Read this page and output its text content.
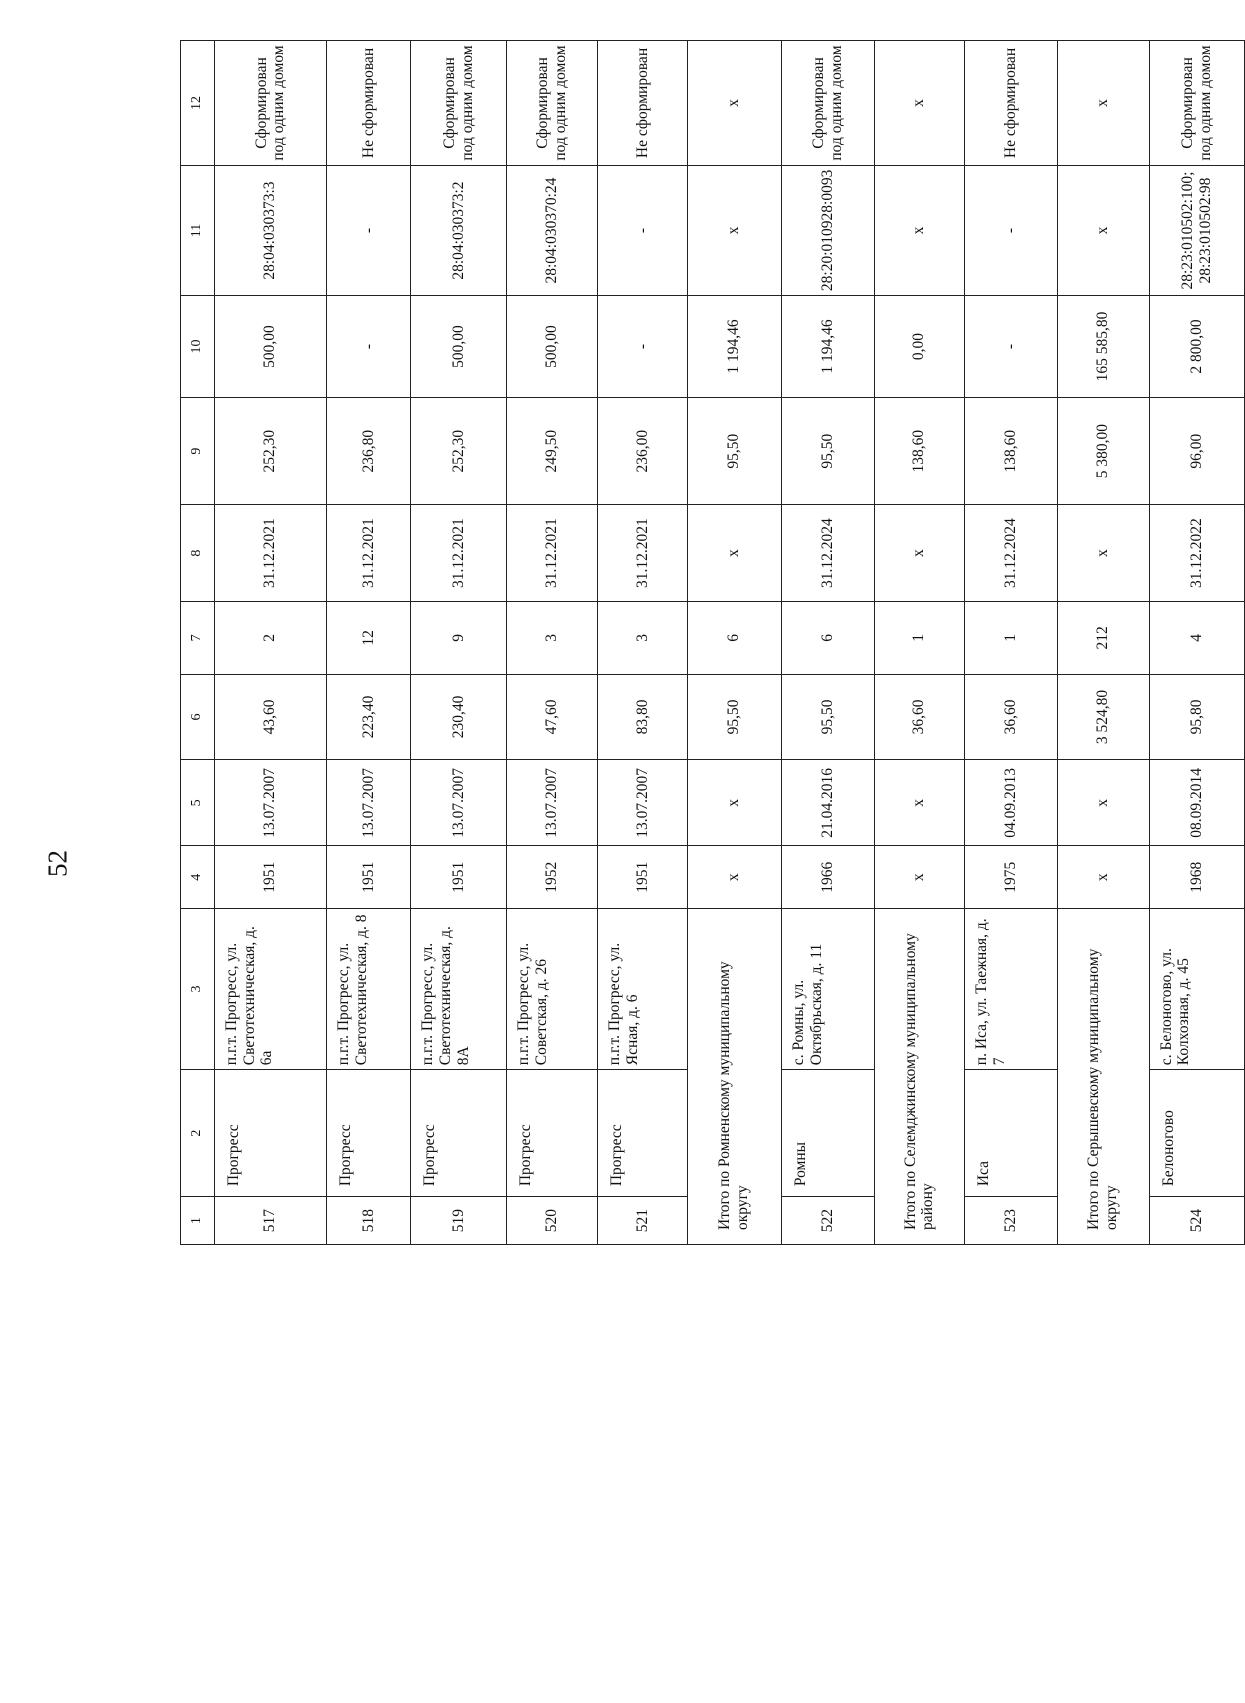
52
1	2	3	4	5	6	7	8	9	10	11	12
517	Прогресс	п.г.т. Прогресс, ул. Светотехническая, д. 6а	1951	13.07.2007	43,60	2	31.12.2021	252,30	500,00	28:04:030373:3	Сформирован под одним домом
518	Прогресс	п.г.т. Прогресс, ул. Светотехническая, д. 8	1951	13.07.2007	223,40	12	31.12.2021	236,80	-	-	Не сформирован
519	Прогресс	п.г.т. Прогресс, ул. Светотехническая, д. 8А	1951	13.07.2007	230,40	9	31.12.2021	252,30	500,00	28:04:030373:2	Сформирован под одним домом
520	Прогресс	п.г.т. Прогресс, ул. Советская, д. 26	1952	13.07.2007	47,60	3	31.12.2021	249,50	500,00	28:04:030370:24	Сформирован под одним домом
521	Прогресс	п.г.т. Прогресс, ул. Ясная, д. 6	1951	13.07.2007	83,80	3	31.12.2021	236,00	-	-	Не сформирован
Итого по Ромненскому муниципальному округу			х	х	95,50	6	х	95,50	1 194,46	х	х
522	Ромны	с. Ромны, ул. Октябрьская, д. 11	1966	21.04.2016	95,50	6	31.12.2024	95,50	1 194,46	28:20:010928:0093	Сформирован под одним домом
Итого по Селемджинскому муниципальному району			х	х	36,60	1	х	138,60	0,00	х	х
523	Иса	п. Иса, ул. Таежная, д. 7	1975	04.09.2013	36,60	1	31.12.2024	138,60	-	-	Не сформирован
Итого по Серышевскому муниципальному округу			х	х	3 524,80	212	х	5 380,00	165 585,80	х	х
524	Белоногово	с. Белоногово, ул. Колхозная, д. 45	1968	08.09.2014	95,80	4	31.12.2022	96,00	2 800,00	28:23:010502:100; 28:23:010502:98	Сформирован под одним домом
